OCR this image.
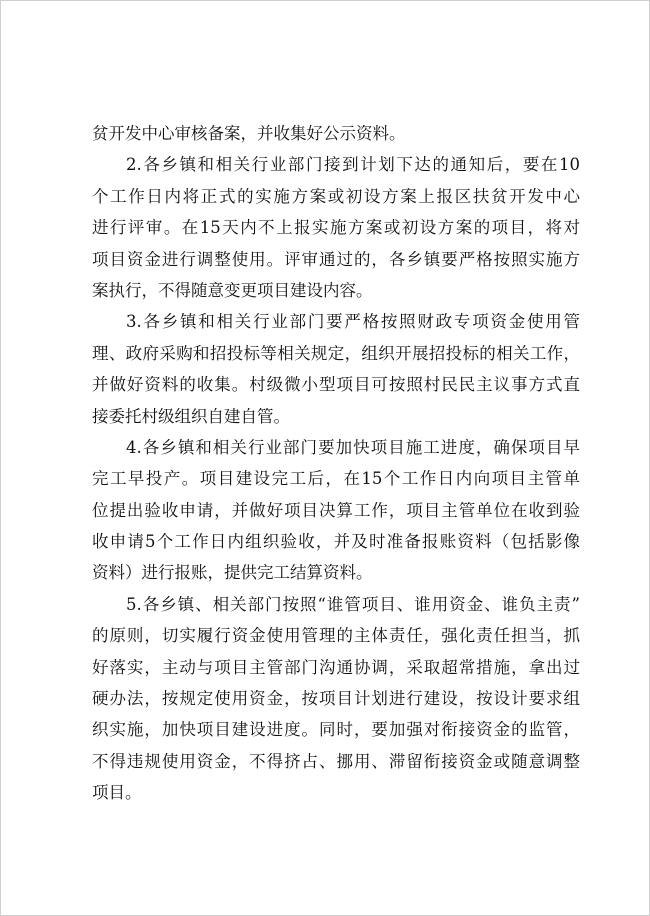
贫开发中心审核备案，并收集好公示资料。
2.各乡镇和相关行业部门接到计划下达的通知后，要在10
个工作日内将正式的实施方案或初设方案上报区扶贫开发中心
进行评审。在15天内不上报实施方案或初设方案的项目，将对
项目资金进行调整使用。评审通过的，各乡镇要严格按照实施方
案执行，不得随意变更项目建设内容。
3.各乡镇和相关行业部门要严格按照财政专项资金使用管
理、政府采购和招投标等相关规定，组织开展招投标的相关工作，
并做好资料的收集。村级微小型项目可按照村民民主议事方式直
接委托村级组织自建自管。
4.各乡镇和相关行业部门要加快项目施工进度，确保项目早
完工早投产。项目建设完工后，在15个工作日内向项目主管单
位提出验收申请，并做好项目决算工作，项目主管单位在收到验
收申请5个工作日内组织验收，并及时准备报账资料（包括影像
资料）进行报账，提供完工结算资料。
5.各乡镇、相关部门按照“谁管项目、谁用资金、谁负主责”
的原则，切实履行资金使用管理的主体责任，强化责任担当，抓
好落实，主动与项目主管部门沟通协调，采取超常措施，拿出过
硬办法，按规定使用资金，按项目计划进行建设，按设计要求组
织实施，加快项目建设进度。同时，要加强对衔接资金的监管，
不得违规使用资金，不得挤占、挪用、滞留衔接资金或随意调整
项目。
